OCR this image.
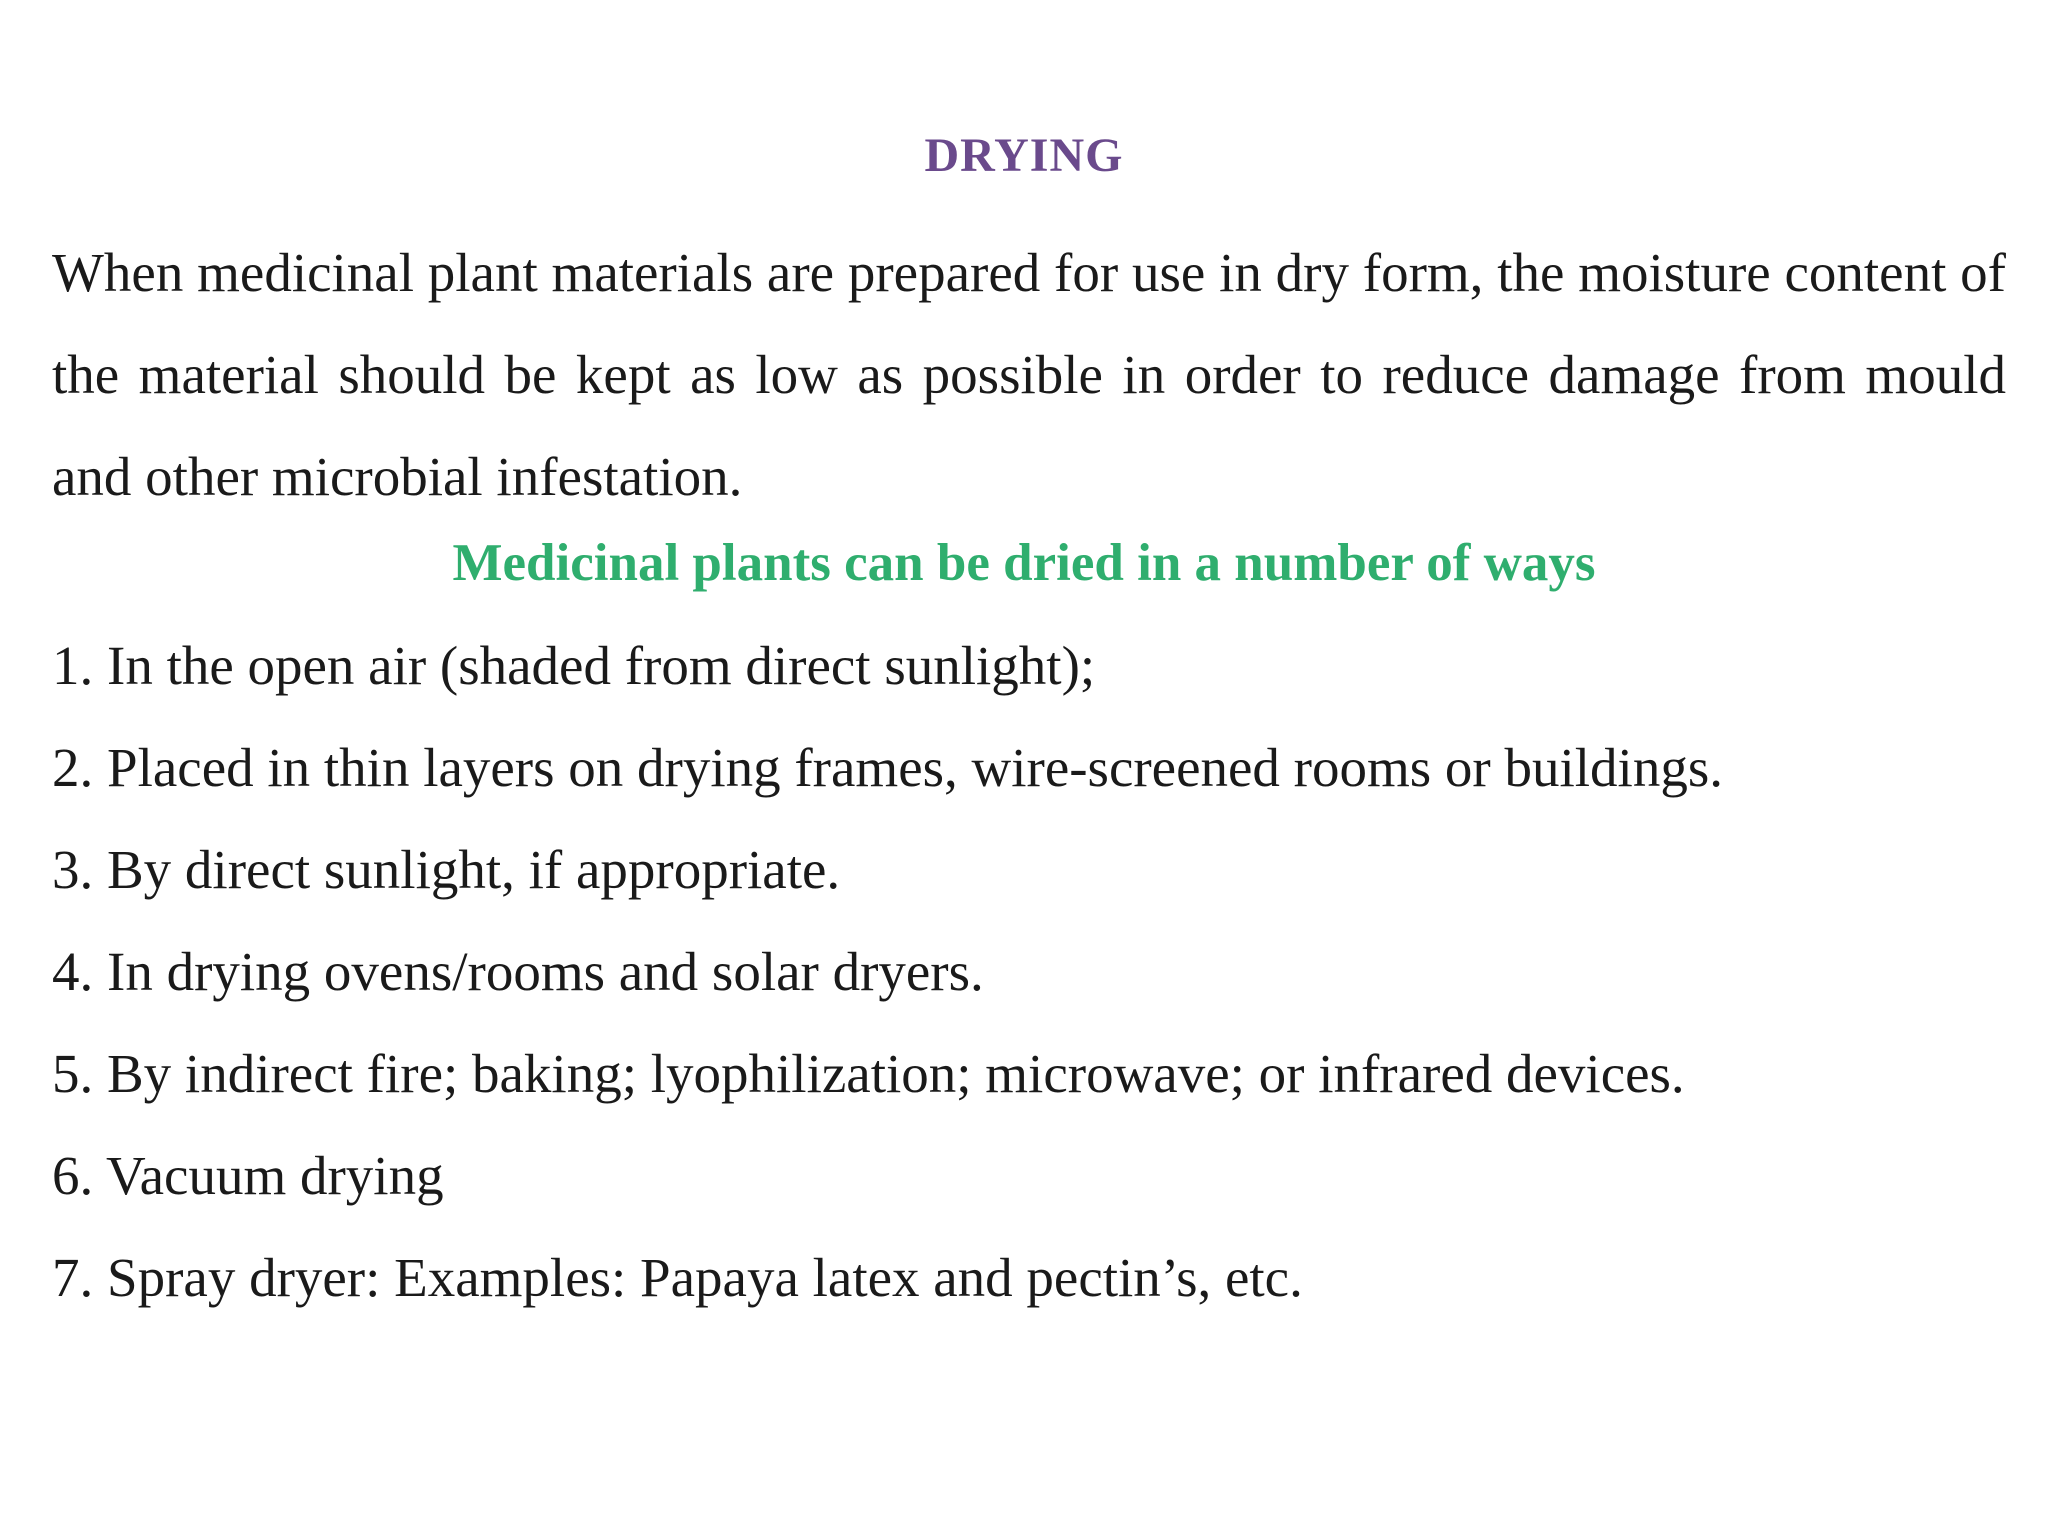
DRYING

When medicinal plant materials are prepared for use in dry form, the moisture content of the material should be kept as low as possible in order to reduce damage from mould and other microbial infestation.

Medicinal plants can be dried in a number of ways
1. In the open air (shaded from direct sunlight);
2. Placed in thin layers on drying frames, wire-screened rooms or buildings.
3. By direct sunlight, if appropriate.
4. In drying ovens/rooms and solar dryers.
5. By indirect fire; baking; lyophilization; microwave; or infrared devices.
6. Vacuum drying
7. Spray dryer: Examples: Papaya latex and pectin’s, etc.
